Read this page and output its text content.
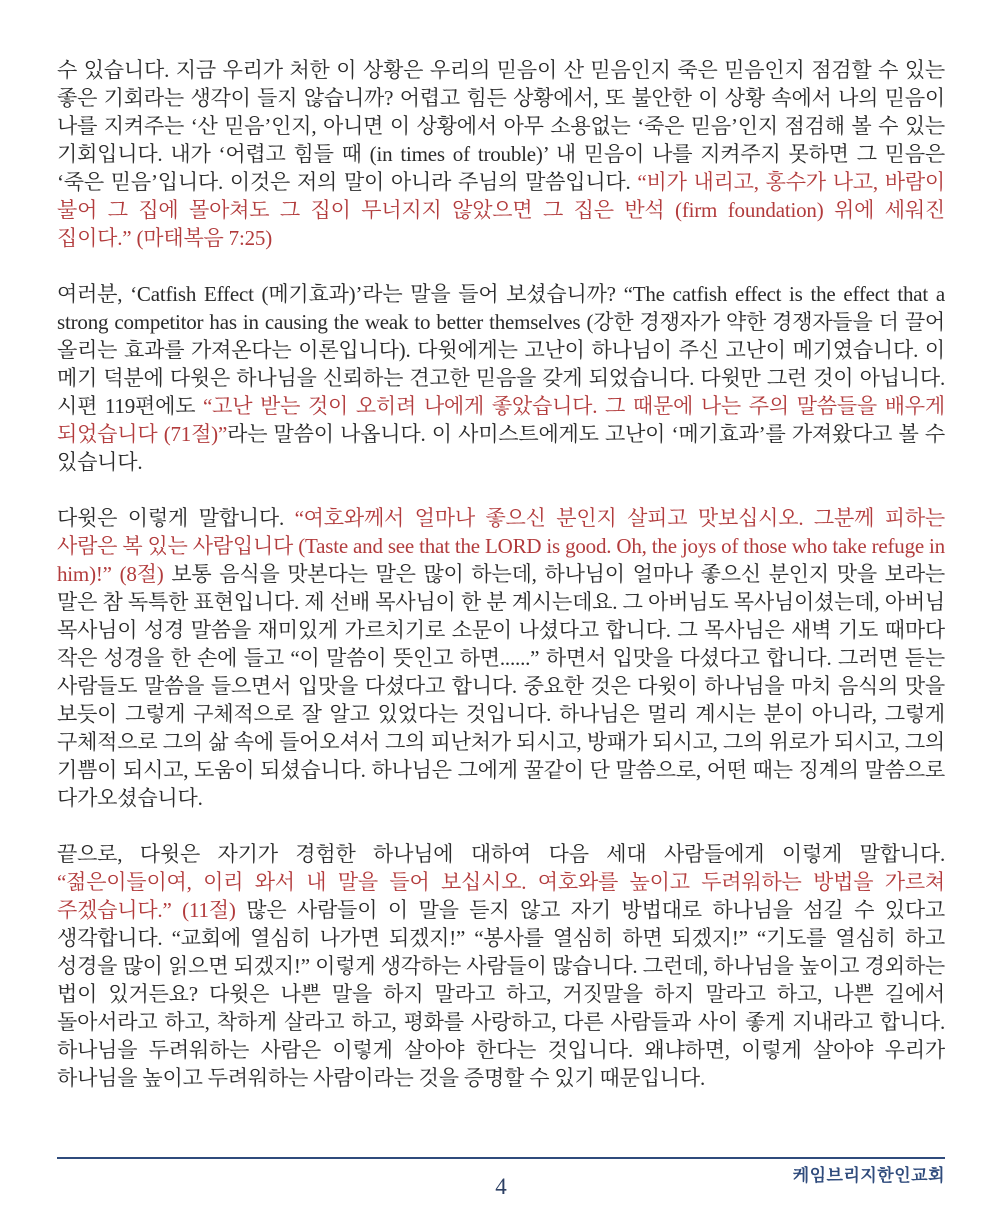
수 있습니다. 지금 우리가 처한 이 상황은 우리의 믿음이 산 믿음인지 죽은 믿음인지 점검할 수 있는 좋은 기회라는 생각이 들지 않습니까? 어렵고 힘든 상황에서, 또 불안한 이 상황 속에서 나의 믿음이 나를 지켜주는 ‘산 믿음’인지, 아니면 이 상황에서 아무 소용없는 ‘죽은 믿음’인지 점검해 볼 수 있는 기회입니다. 내가 ‘어렵고 힘들 때 (in times of trouble)’ 내 믿음이 나를 지켜주지 못하면 그 믿음은 ‘죽은 믿음’입니다. 이것은 저의 말이 아니라 주님의 말씀입니다. “비가 내리고, 홍수가 나고, 바람이 불어 그 집에 몰아쳐도 그 집이 무너지지 않았으면 그 집은 반석 (firm foundation) 위에 세워진 집이다.” (마태복음 7:25)

여러분, ‘Catfish Effect (메기효과)’라는 말을 들어 보셨습니까? “The catfish effect is the effect that a strong competitor has in causing the weak to better themselves (강한 경쟁자가 약한 경쟁자들을 더 끌어 올리는 효과를 가져온다는 이론입니다). 다윗에게는 고난이 하나님이 주신 고난이 메기였습니다. 이 메기 덕분에 다윗은 하나님을 신뢰하는 견고한 믿음을 갖게 되었습니다. 다윗만 그런 것이 아닙니다. 시편 119편에도 “고난 받는 것이 오히려 나에게 좋았습니다. 그 때문에 나는 주의 말씀들을 배우게 되었습니다 (71절)”라는 말씀이 나옵니다. 이 사미스트에게도 고난이 ‘메기효과’를 가져왔다고 볼 수 있습니다.

다윗은 이렇게 말합니다. “여호와께서 얼마나 좋으신 분인지 살피고 맛보십시오. 그분께 피하는 사람은 복 있는 사람입니다 (Taste and see that the LORD is good. Oh, the joys of those who take refuge in him)!” (8절) 보통 음식을 맛본다는 말은 많이 하는데, 하나님이 얼마나 좋으신 분인지 맛을 보라는 말은 참 독특한 표현입니다. 제 선배 목사님이 한 분 계시는데요. 그 아버님도 목사님이셨는데, 아버님 목사님이 성경 말씀을 재미있게 가르치기로 소문이 나셨다고 합니다. 그 목사님은 새벽 기도 때마다 작은 성경을 한 손에 들고 “이 말씀이 뜻인고 하면......” 하면서 입맛을 다셨다고 합니다. 그러면 듣는 사람들도 말씀을 들으면서 입맛을 다셨다고 합니다. 중요한 것은 다윗이 하나님을 마치 음식의 맛을 보듯이 그렇게 구체적으로 잘 알고 있었다는 것입니다. 하나님은 멀리 계시는 분이 아니라, 그렇게 구체적으로 그의 삶 속에 들어오셔서 그의 피난처가 되시고, 방패가 되시고, 그의 위로가 되시고, 그의 기쁨이 되시고, 도움이 되셨습니다. 하나님은 그에게 꿀같이 단 말씀으로, 어떤 때는 징계의 말씀으로 다가오셨습니다.

끝으로, 다윗은 자기가 경험한 하나님에 대하여 다음 세대 사람들에게 이렇게 말합니다. “젊은이들이여, 이리 와서 내 말을 들어 보십시오. 여호와를 높이고 두려워하는 방법을 가르쳐 주겠습니다.” (11절) 많은 사람들이 이 말을 듣지 않고 자기 방법대로 하나님을 섬길 수 있다고 생각합니다. “교회에 열심히 나가면 되겠지!” “봉사를 열심히 하면 되겠지!” “기도를 열심히 하고 성경을 많이 읽으면 되겠지!” 이렇게 생각하는 사람들이 많습니다. 그런데, 하나님을 높이고 경외하는 법이 있거든요? 다윗은 나쁜 말을 하지 말라고 하고, 거짓말을 하지 말라고 하고, 나쁜 길에서 돌아서라고 하고, 착하게 살라고 하고, 평화를 사랑하고, 다른 사람들과 사이 좋게 지내라고 합니다. 하나님을 두려워하는 사람은 이렇게 살아야 한다는 것입니다. 왜냐하면, 이렇게 살아야 우리가 하나님을 높이고 두려워하는 사람이라는 것을 증명할 수 있기 때문입니다.

케임브리지한인교회
4
